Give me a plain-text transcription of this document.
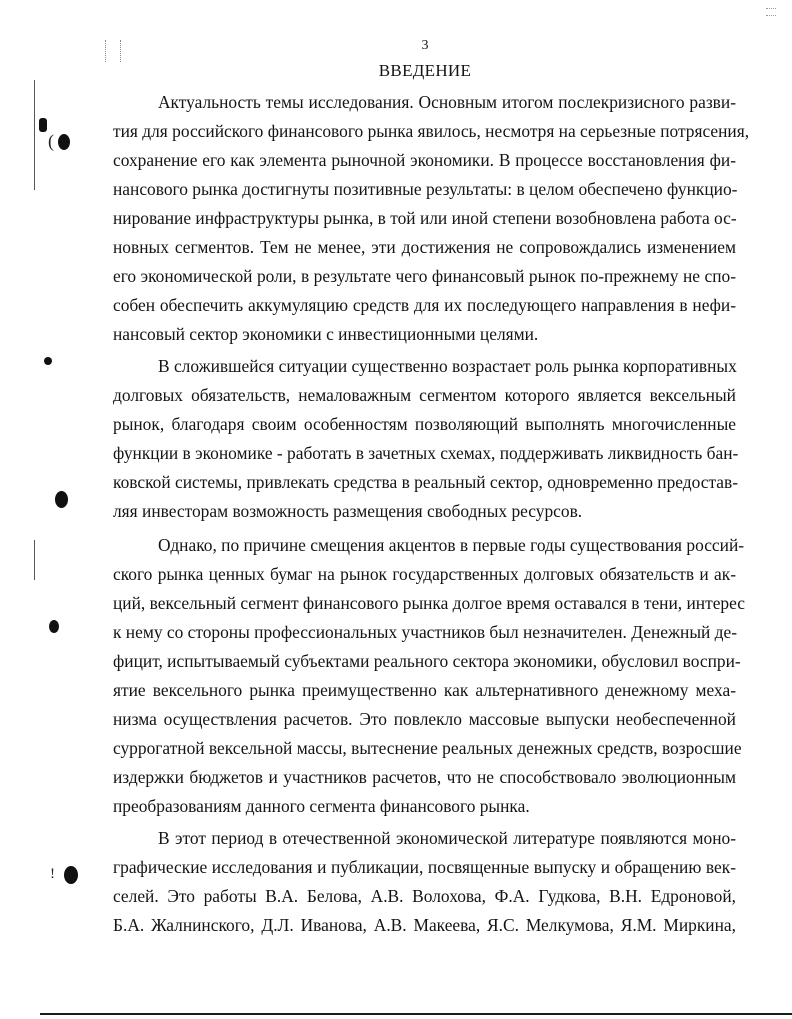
3
ВВЕДЕНИЕ
Актуальность темы исследования. Основным итогом послекризисного разви-
тия для российского финансового рынка явилось, несмотря на серьезные потрясения,
сохранение его как элемента рыночной экономики. В процессе восстановления фи-
нансового рынка достигнуты позитивные результаты: в целом обеспечено функцио-
нирование инфраструктуры рынка, в той или иной степени возобновлена работа ос-
новных сегментов. Тем не менее, эти достижения не сопровождались изменением
его экономической роли, в результате чего финансовый рынок по-прежнему не спо-
собен обеспечить аккумуляцию средств для их последующего направления в нефи-
нансовый сектор экономики с инвестиционными целями.
В сложившейся ситуации существенно возрастает роль рынка корпоративных
долговых обязательств, немаловажным сегментом которого является вексельный
рынок, благодаря своим особенностям позволяющий выполнять многочисленные
функции в экономике - работать в зачетных схемах, поддерживать ликвидность бан-
ковской системы, привлекать средства в реальный сектор, одновременно предостав-
ляя инвесторам возможность размещения свободных ресурсов.
Однако, по причине смещения акцентов в первые годы существования россий-
ского рынка ценных бумаг на рынок государственных долговых обязательств и ак-
ций, вексельный сегмент финансового рынка долгое время оставался в тени, интерес
к нему со стороны профессиональных участников был незначителен. Денежный де-
фицит, испытываемый субъектами реального сектора экономики, обусловил воспри-
ятие вексельного рынка преимущественно как альтернативного денежному меха-
низма осуществления расчетов. Это повлекло массовые выпуски необеспеченной
суррогатной вексельной массы, вытеснение реальных денежных средств, возросшие
издержки бюджетов и участников расчетов, что не способствовало эволюционным
преобразованиям данного сегмента финансового рынка.
В этот период в отечественной экономической литературе появляются моно-
графические исследования и публикации, посвященные выпуску и обращению век-
селей. Это работы В.А. Белова, А.В. Волохова, Ф.А. Гудкова, В.Н. Едроновой,
Б.А. Жалнинского, Д.Л. Иванова, А.В. Макеева, Я.С. Мелкумова, Я.М. Миркина,
(
!
